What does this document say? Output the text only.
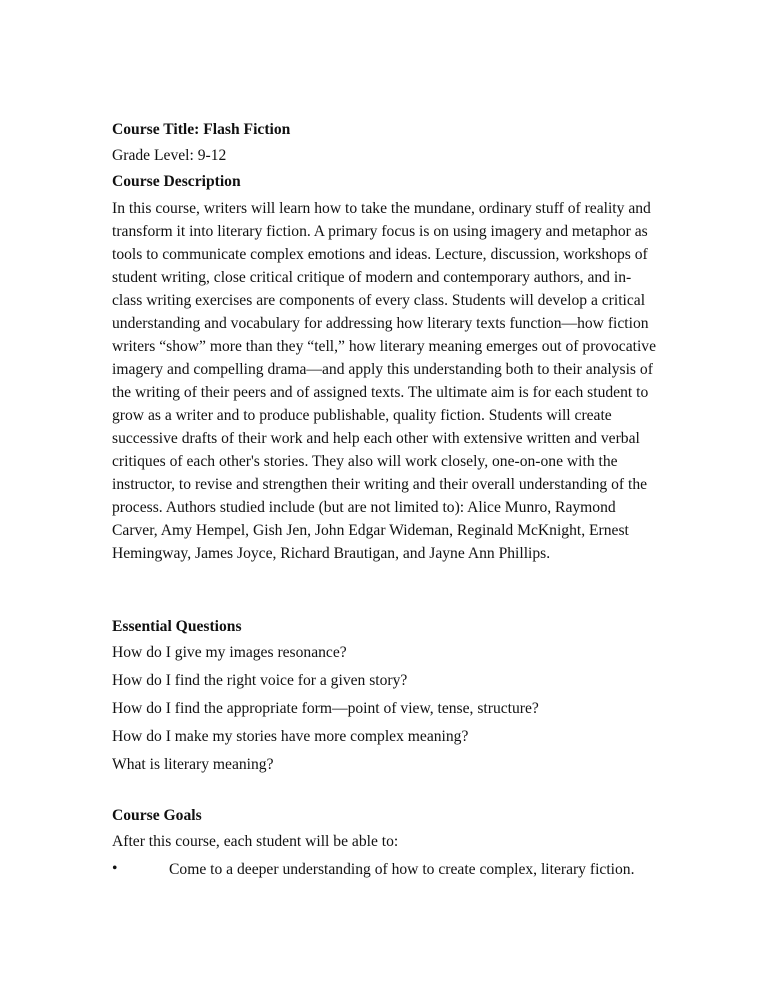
Course Title: Flash Fiction
Grade Level: 9-12
Course Description
In this course, writers will learn how to take the mundane, ordinary stuff of reality and
transform it into literary fiction. A primary focus is on using imagery and metaphor as
tools to communicate complex emotions and ideas. Lecture, discussion, workshops of
student writing, close critical critique of modern and contemporary authors, and in-
class writing exercises are components of every class. Students will develop a critical
understanding and vocabulary for addressing how literary texts function—how fiction
writers “show” more than they “tell,” how literary meaning emerges out of provocative
imagery and compelling drama—and apply this understanding both to their analysis of
the writing of their peers and of assigned texts. The ultimate aim is for each student to
grow as a writer and to produce publishable, quality fiction. Students will create
successive drafts of their work and help each other with extensive written and verbal
critiques of each other's stories. They also will work closely, one-on-one with the
instructor, to revise and strengthen their writing and their overall understanding of the
process. Authors studied include (but are not limited to): Alice Munro, Raymond
Carver, Amy Hempel, Gish Jen, John Edgar Wideman, Reginald McKnight, Ernest
Hemingway, James Joyce, Richard Brautigan, and Jayne Ann Phillips.
Essential Questions
How do I give my images resonance?
How do I find the right voice for a given story?
How do I find the appropriate form—point of view, tense, structure?
How do I make my stories have more complex meaning?
What is literary meaning?
Course Goals
After this course, each student will be able to:
•	Come to a deeper understanding of how to create complex, literary fiction.
